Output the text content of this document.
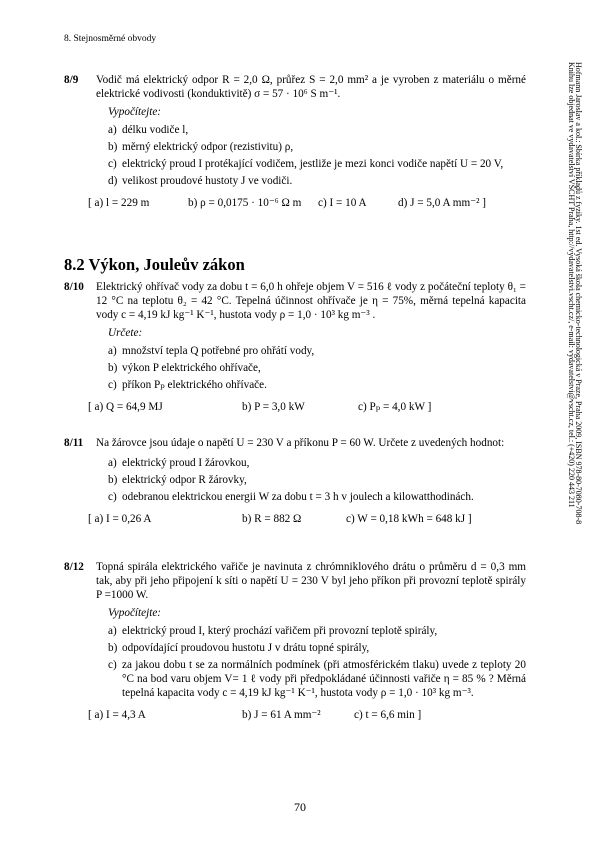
8. Stejnosměrné obvody
Hofmann Jaroslav a kol.: Sbírka příkladů z fyziky. 1st ed. Vysoká škola chemicko-technologická v Praze, Praha 2009, ISBN 978-80-7080-708-8
Knihu lze objednat ve vydavatelství VŠCHT Praha, http://vydavatelstvi.vscht.cz/, e-mail: vydavatelstvi@vscht.cz, tel.: (+420) 220 443 211
8/9 Vodič má elektrický odpor R = 2,0 Ω, průřez S = 2,0 mm² a je vyroben z materiálu o měrné elektrické vodivosti (konduktivitě) σ = 57 · 10⁶ S m⁻¹.
Vypočítejte:
a) délku vodiče l,
b) měrný elektrický odpor (rezistivitu) ρ,
c) elektrický proud I protékající vodičem, jestliže je mezi konci vodiče napětí U = 20 V,
d) velikost proudové hustoty J ve vodiči.
[ a) l = 229 m	b) ρ = 0,0175 · 10⁻⁶ Ω m c) I = 10 A	d) J = 5,0 A mm⁻² ]
8.2 Výkon, Jouleův zákon
8/10 Elektrický ohřívač vody za dobu t = 6,0 h ohřeje objem V = 516 ℓ vody z počáteční teploty θ₁ = 12 °C na teplotu θ₂ = 42 °C. Tepelná účinnost ohřívače je η = 75%, měrná tepelná kapacita vody c = 4,19 kJ kg⁻¹ K⁻¹, hustota vody ρ = 1,0 · 10³ kg m⁻³ .
Určete:
a) množství tepla Q potřebné pro ohřátí vody,
b) výkon P elektrického ohřívače,
c) příkon Pₚ elektrického ohřívače.
[ a) Q = 64,9 MJ	b) P = 3,0 kW	c) Pₚ = 4,0 kW ]
8/11 Na žárovce jsou údaje o napětí U = 230 V a příkonu P = 60 W. Určete z uvedených hodnot:
a) elektrický proud I žárovkou,
b) elektrický odpor R žárovky,
c) odebranou elektrickou energii W za dobu t = 3 h v joulech a kilowatthodinách.
[ a) I = 0,26 A	b) R = 882 Ω	c) W = 0,18 kWh = 648 kJ ]
8/12 Topná spirála elektrického vařiče je navinuta z chrómniklového drátu o průměru d = 0,3 mm tak, aby při jeho připojení k síti o napětí U = 230 V byl jeho příkon při provozní teplotě spirály P =1000 W.
Vypočítejte:
a) elektrický proud I, který prochází vařičem při provozní teplotě spirály,
b) odpovídající proudovou hustotu J v drátu topné spirály,
c) za jakou dobu t se za normálních podmínek (při atmosférickém tlaku) uvede z teploty 20 °C na bod varu objem V= 1 ℓ vody při předpokládané účinnosti vařiče η = 85 % ? Měrná tepelná kapacita vody c = 4,19 kJ kg⁻¹ K⁻¹, hustota vody ρ = 1,0 · 10³ kg m⁻³.
[ a) I = 4,3 A	b) J = 61 A mm⁻²	c) t = 6,6 min ]
70
